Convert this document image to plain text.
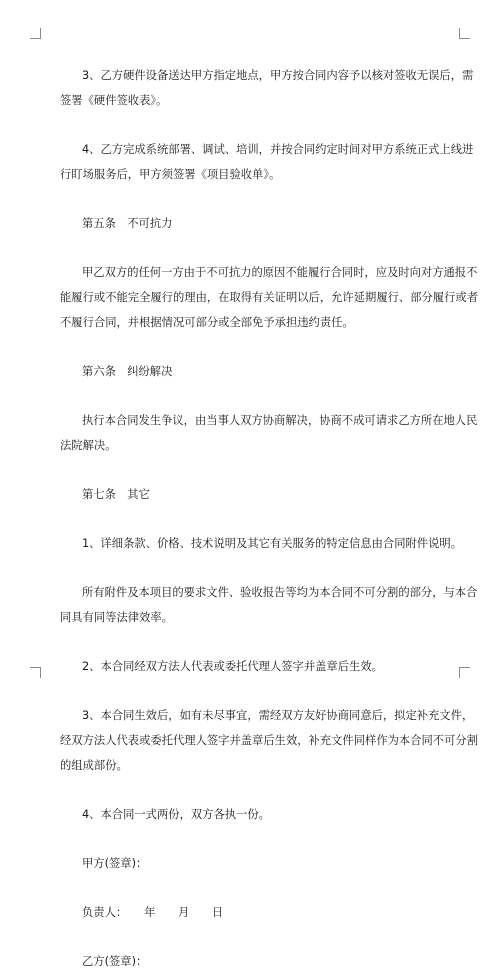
3、乙方硬件设备送达甲方指定地点，甲方按合同内容予以核对签收无误后，需
签署《硬件签收表》。
4、乙方完成系统部署、调试、培训，并按合同约定时间对甲方系统正式上线进
行盯场服务后，甲方须签署《项目验收单》。
第五条　不可抗力
甲乙双方的任何一方由于不可抗力的原因不能履行合同时，应及时向对方通报不
能履行或不能完全履行的理由，在取得有关证明以后，允许延期履行、部分履行或者
不履行合同，并根据情况可部分或全部免予承担违约责任。
第六条　纠纷解决
执行本合同发生争议，由当事人双方协商解决，协商不成可请求乙方所在地人民
法院解决。
第七条　其它
1、详细条款、价格、技术说明及其它有关服务的特定信息由合同附件说明。
所有附件及本项目的要求文件、验收报告等均为本合同不可分割的部分，与本合
同具有同等法律效率。
2、本合同经双方法人代表或委托代理人签字并盖章后生效。
3、本合同生效后，如有未尽事宜，需经双方友好协商同意后，拟定补充文件，
经双方法人代表或委托代理人签字并盖章后生效，补充文件同样作为本合同不可分割
的组成部份。
4、本合同一式两份，双方各执一份。
甲方(签章)：
负责人：　　年　　月　　日
乙方(签章)：
